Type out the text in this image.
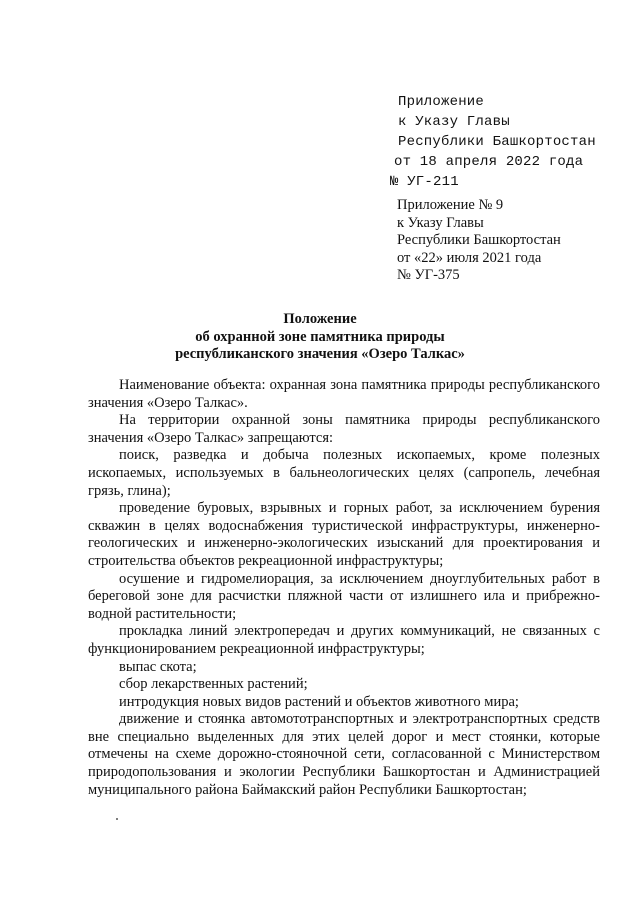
Приложение
к Указу Главы
Республики Башкортостан
от 18 апреля 2022 года
№ УГ-211
Приложение № 9
к Указу Главы
Республики Башкортостан
от «22» июля 2021 года
№ УГ-375
Положение
об охранной зоне памятника природы
республиканского значения «Озеро Талкас»

Наименование объекта: охранная зона памятника природы республиканского значения «Озеро Талкас».

На территории охранной зоны памятника природы республиканского значения «Озеро Талкас» запрещаются:

поиск, разведка и добыча полезных ископаемых, кроме полезных ископаемых, используемых в бальнеологических целях (сапропель, лечебная грязь, глина);

проведение буровых, взрывных и горных работ, за исключением бурения скважин в целях водоснабжения туристической инфраструктуры, инженерно-геологических и инженерно-экологических изысканий для проектирования и строительства объектов рекреационной инфраструктуры;

осушение и гидромелиорация, за исключением дноуглубительных работ в береговой зоне для расчистки пляжной части от излишнего ила и прибрежно-водной растительности;

прокладка линий электропередач и других коммуникаций, не связанных с функционированием рекреационной инфраструктуры;

выпас скота;

сбор лекарственных растений;

интродукция новых видов растений и объектов животного мира;

движение и стоянка автомототранспортных и электротранспортных средств вне специально выделенных для этих целей дорог и мест стоянки, которые отмечены на схеме дорожно-стояночной сети, согласованной с Министерством природопользования и экологии Республики Башкортостан и Администрацией муниципального района Баймакский район Республики Башкортостан;
